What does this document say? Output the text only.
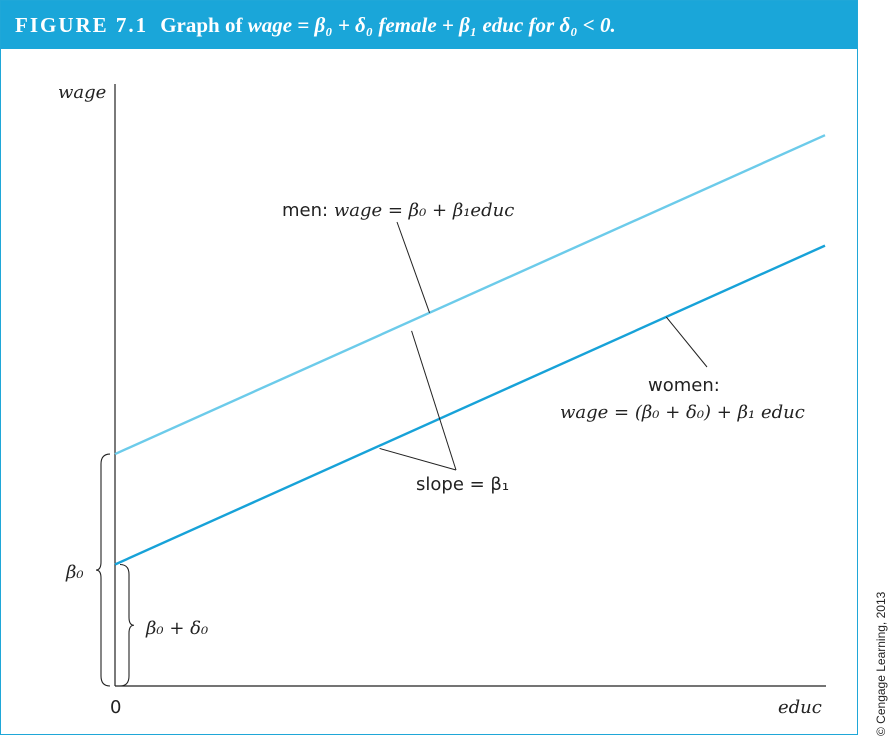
FIGURE 7.1 Graph of wage = β₀ + δ₀ female + β₁ educ for δ₀ < 0.
wage
educ
0
men: wage = β₀ + β₁educ
women:
wage = (β₀ + δ₀) + β₁ educ
slope = β₁
β₀
β₀ + δ₀	© Cengage Learning, 2013
